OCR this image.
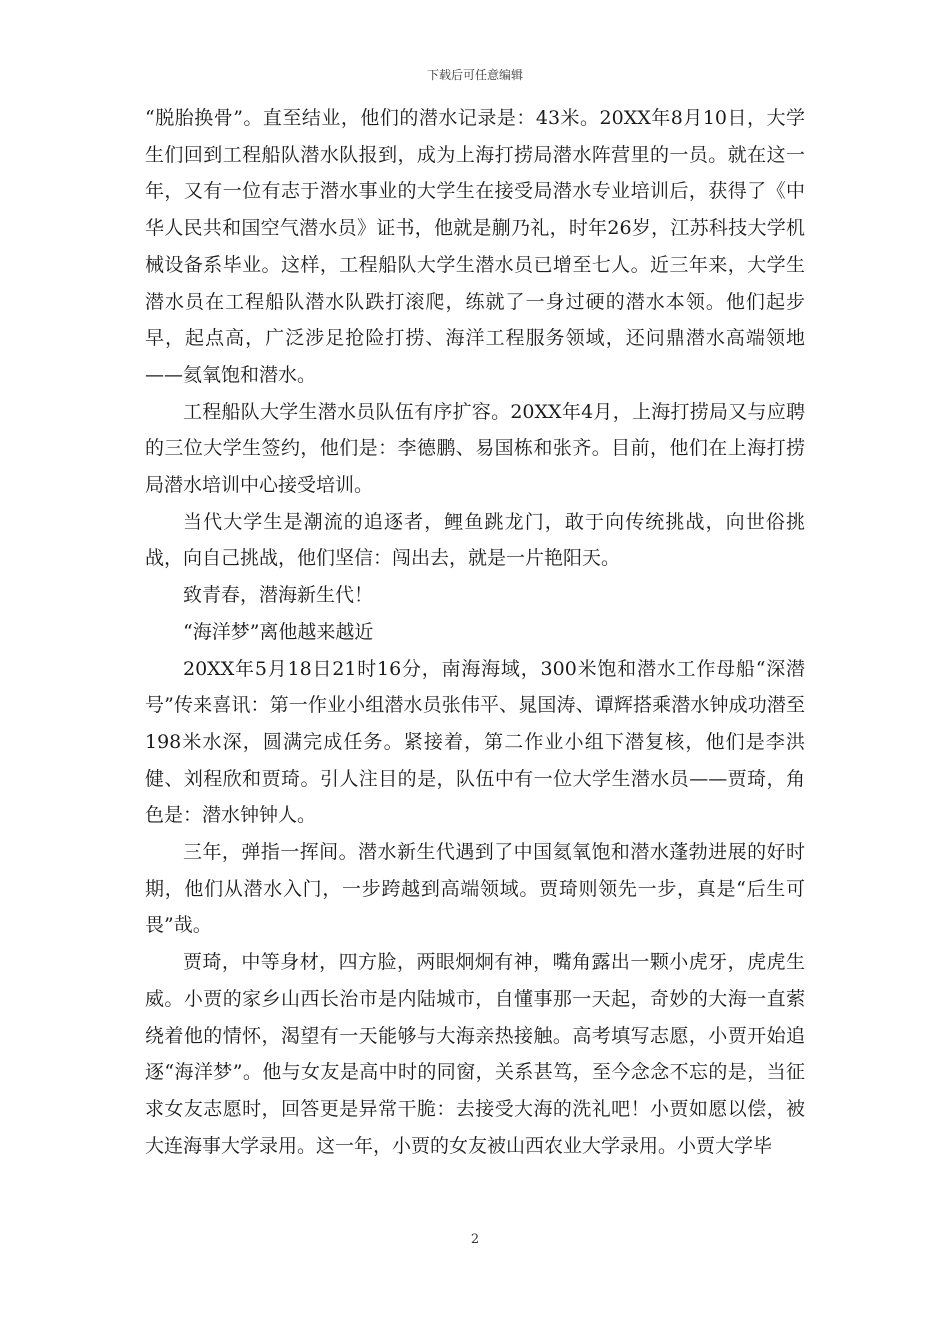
下载后可任意编辑

“脱胎换骨”。直至结业，他们的潜水记录是：43米。20XX年8月10日，大学生们回到工程船队潜水队报到，成为上海打捞局潜水阵营里的一员。就在这一年，又有一位有志于潜水事业的大学生在接受局潜水专业培训后，获得了《中华人民共和国空气潜水员》证书，他就是蒯乃礼，时年26岁，江苏科技大学机械设备系毕业。这样，工程船队大学生潜水员已增至七人。近三年来，大学生潜水员在工程船队潜水队跌打滚爬，练就了一身过硬的潜水本领。他们起步早，起点高，广泛涉足抢险打捞、海洋工程服务领域，还问鼎潜水高端领地——氦氧饱和潜水。

工程船队大学生潜水员队伍有序扩容。20XX年4月，上海打捞局又与应聘的三位大学生签约，他们是：李德鹏、易国栋和张齐。目前，他们在上海打捞局潜水培训中心接受培训。

当代大学生是潮流的追逐者，鲤鱼跳龙门，敢于向传统挑战，向世俗挑战，向自己挑战，他们坚信：闯出去，就是一片艳阳天。

致青春，潜海新生代！

“海洋梦”离他越来越近

20XX年5月18日21时16分，南海海域，300米饱和潜水工作母船“深潜号”传来喜讯：第一作业小组潜水员张伟平、晁国涛、谭辉搭乘潜水钟成功潜至198米水深，圆满完成任务。紧接着，第二作业小组下潜复核，他们是李洪健、刘程欣和贾琦。引人注目的是，队伍中有一位大学生潜水员——贾琦，角色是：潜水钟钟人。

三年，弹指一挥间。潜水新生代遇到了中国氦氧饱和潜水蓬勃进展的好时期，他们从潜水入门，一步跨越到高端领域。贾琦则领先一步，真是“后生可畏”哉。

贾琦，中等身材，四方脸，两眼炯炯有神，嘴角露出一颗小虎牙，虎虎生威。小贾的家乡山西长治市是内陆城市，自懂事那一天起，奇妙的大海一直萦绕着他的情怀，渴望有一天能够与大海亲热接触。高考填写志愿，小贾开始追逐“海洋梦”。他与女友是高中时的同窗，关系甚笃，至今念念不忘的是，当征求女友志愿时，回答更是异常干脆：去接受大海的洗礼吧！小贾如愿以偿，被大连海事大学录用。这一年，小贾的女友被山西农业大学录用。小贾大学毕

2
